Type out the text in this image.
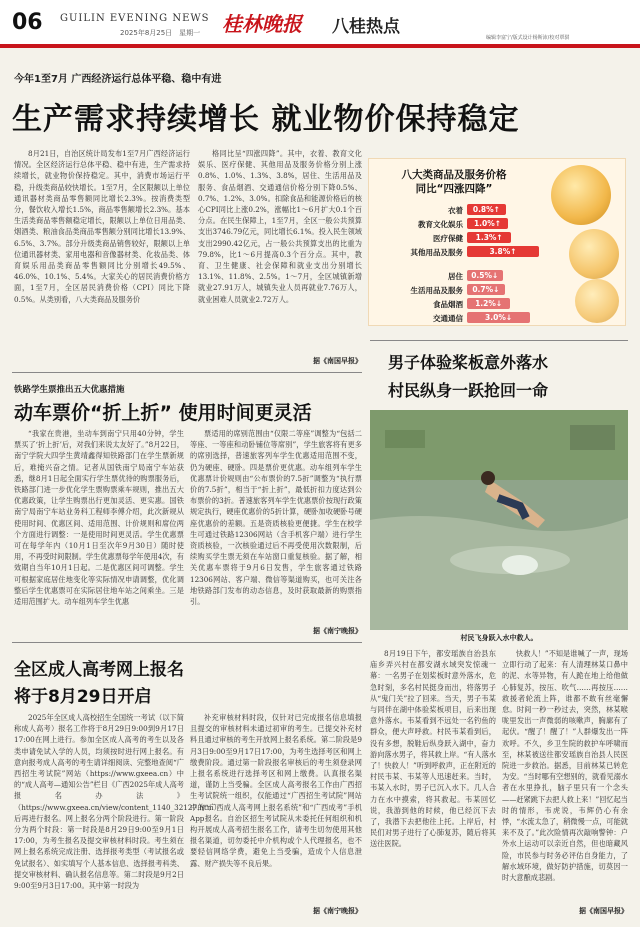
06 GUILIN EVENING NEWS
2025年8月25日　星期一 桂林晚报 八桂热点
编辑李富宁/版式设计杨斯沛/校对覃骐
今年1至7月 广西经济运行总体平稳、稳中有进
生产需求持续增长 就业物价保持稳定
8月21日，自治区统计局发布1至7月广西经济运行情况。全区经济运行总体平稳、稳中有进，生产需求持续增长，就业物价保持稳定。其中，消费市场运行平稳，升级类商品较快增长。1至7月，全区限额以上单位通讯器材类商品零售额同比增长2.3%。按消费类型分，餐饮收入增长1.5%，商品零售额增长2.3%。基本生活类商品零售额稳定增长，限额以上单位日用品类、烟酒类、粮油食品类商品零售额分别同比增长13.9%、6.5%、3.7%。部分升级类商品销售较好，限额以上单位通讯器材类、家用电器和音像器材类、化妆品类、体育娱乐用品类商品零售额同比分别增长49.5%、46.0%、10.1%、5.4%。大家关心的居民消费价格方面，1至7月，全区居民消费价格（CPI）同比下降0.5%。从类别看，八大类商品及服务价
格同比呈“四涨四降”。其中，衣着、教育文化娱乐、医疗保健、其他用品及服务价格分别上涨0.8%、1.0%、1.3%、3.8%，居住、生活用品及服务、食品烟酒、交通通信价格分别下降0.5%、0.7%、1.2%、3.0%。扣除食品和能源价格后的核心CPI同比上涨0.2%，涨幅比1～6月扩大0.1个百分点。在民生保障上，1至7月，全区一般公共预算支出3746.79亿元，同比增长6.1%。投入民生领域支出2990.42亿元，占一般公共预算支出的比重为79.8%，比1～6月提高0.3个百分点。其中，教育、卫生健康、社会保障和就业支出分别增长13.1%、11.8%、2.5%。1～7月，全区城镇新增就业27.91万人，城镇失业人员再就业7.76万人，就业困难人员就业2.72万人。
据《南国早报》
八大类商品及服务价格
同比“四涨四降”
衣着	0.8%↑
教育文化娱乐	1.0%↑
医疗保健	1.3%↑
其他用品及服务	3.8%↑
居住	0.5%↓
生活用品及服务	0.7%↓
食品烟酒	1.2%↓
交通通信	3.0%↓
铁路学生票推出五大优惠措施
动车票价“折上折” 使用时间更灵活
“我家在贵港，坐动车到南宁只用40分钟，学生票买了‘折上折’后，对我们来说太友好了。”8月22日，南宁学院大四学生黄靖鑫得知铁路部门在学生票新规后，难掩兴奋之情。记者从国铁南宁局南宁车站获悉，继8月1日起全面实行学生票优待的购票服务后，铁路部门进一步优化学生票购票乘车规则，推出五大优惠政策，让学生购票出行更加灵活、更实惠。国铁南宁局南宁车站业务科工程师李傅介绍，此次新规从使用时间、优惠区间、适用范围、计价规则和席位两个方面进行调整：一是使用时间更灵活。学生优惠票可在每学年内（10月1日至次年9月30日）随时使用，不再受时间限制。学生优惠票每学年使用4次，有效期自当年10月1日起。二是优惠区间可调整。学生可根据家庭居住地变化等实际情况申请调整，优化调整后学生优惠票可在实际居住地车站之间乘坐。三是适用范围扩大。动车组列车学生优惠
票适用的席别范围由“仅限二等座”调整为“包括二等座、一等座和动卧铺位等席别”，学生旅客将有更多的席别选择，普速旅客列车学生优惠适用范围不变，仍为硬座、硬卧。四是票价更优惠。动车组列车学生优惠票计价规则由“公布票价的7.5折”调整为“执行票价的7.5折”，相当于“折上折”，最低折扣力度达到公布票价的3折。普速旅客列车学生优惠票价按现行政策规定执行，硬座优惠价的5折计算，硬卧加收硬卧号硬座优惠价的差额。五是资质核验更便捷。学生在校学生可通过铁路12306网站（含手机客户端）进行学生资质核验，一次核验通过后不再受使用次数限制，后续购买学生票无须在车站窗口重复核验。据了解，相关优惠车票将于9月6日发售，学生旅客通过铁路12306网站、客户端、微信等渠道购买，也可关注各地铁路部门发布的动态信息，及时获取最新的购票指引。
据《南宁晚报》
全区成人高考网上报名
将于8月29日开启
2025年全区成人高校招生全国统一考试（以下简称成人高考）报名工作将于8月29日9:00到9月17日17:00在网上进行。参加全区成人高考的考生以及各类申请免试入学的人员，均须按时进行网上报名。有意向报考成人高考的考生请详细阅读、完整地查阅“广西招生考试院”网站（https://www.gxeea.cn）中的“成人高考—通知公告”栏目《广西2025年成人高考报名办法》（https://www.gxeea.cn/view/content_1140_32127.htm）后再进行报名。网上报名分两个阶段进行。第一阶段分为两个时段：第一时段是8月29日9:00至9月1日17:00，为考生报名及提交审核材料时段。考生须在网上报名系统完成注册、选择报考类型（考试报名或免试报名）、如实填写个人基本信息、选择报考科类、提交审核材料、确认报名信息等。第二时段是9月2日9:00至9月3日17:00。其中第一时段为
补充审核材料时段，仅针对已完成报名信息填报且提交的审核材料未通过初审的考生。已提交补充材料且通过审核的考生开放网上报名系统。第二阶段是9月3日9:00至9月17日17:00，为考生选择考区和网上缴费阶段。通过第一阶段报名审核后的考生须登录网上报名系统进行选择考区和网上缴费。认真报名渠道，谨防上当受骗。全区成人高考报名工作由广西招生考试院统一组织，仅能通过“广西招生考试院”网站中的“广西成人高考网上报名系统”和“广西成考”手机App报名。自治区招生考试院从未委托任何组织和机构开展成人高考招生报名工作，请考生切勿使用其他报名渠道，切勿委托中介机构或个人代理报名，也不要轻信网络学费，避免上当受骗，造成个人信息泄露、财产损失等不良后果。
据《南宁晚报》
男子体验桨板意外落水
村民纵身一跃抢回一命
村民飞身跃入水中救人。
8月19日下午，都安瑶族自治县东庙乡弄兴村在都安湖水域突发惊魂一幕：一名男子在划桨板时意外落水，危急时刻，多名村民挺身而出，将落男子从“鬼门关”拉了回来。当天，男子韦某与同伴在湖中体验桨板项目，后来出现意外落水。韦某看到不远处一名钓鱼的群众，便大声呼救。村民韦某看到后，没有多想，脱鞋后纵身跃入湖中，奋力游向落水男子，将其救上岸。“有人落水了！快救人！”听到呼救声，正在附近的村民韦某、韦某等人迅速赶来。当时，韦某入水时，男子已沉入水下。几人合力在水中摸索，将其救起。韦某回忆说，我游到他的时候，他已经沉下去了，我潜下去把他往上托。上岸后，村民们对男子进行了心肺复苏，随后将其送往医院。
快救人！”不知是谁喊了一声，现场立即行动了起来：有人清理林某口鼻中的泥、水等异物，有人跪在地上给他做心肺复苏，按压、吹气……再按压……救援者轮流上阵，谁都不敢有丝毫懈怠。时间一秒一秒过去，突然，林某喉咙里发出一声微弱的咳嗽声，胸廓有了起伏。“醒了！醒了！”人群爆发出一阵欢呼。不久，乡卫生院的救护车呼啸而至，林某被送往都安瑶族自治县人民医院进一步救治。据悉，目前林某已转危为安。“当时哪有空想别的，就看见溺水者在水里挣扎，脑子里只有一个念头——赶紧跳下去把人救上来！”回忆起当时的情形，韦虎说，韦辉仍心有余悸，“水流太急了，稍微慢一点，可能就来不及了。”此次险情再次敲响警钟：户外水上运动可以亲近自然，但也暗藏风险，市民参与时务必评估自身能力，了解水域环境，做好防护措施，切莫因一时大意酿成悲剧。
据《南国早报》
